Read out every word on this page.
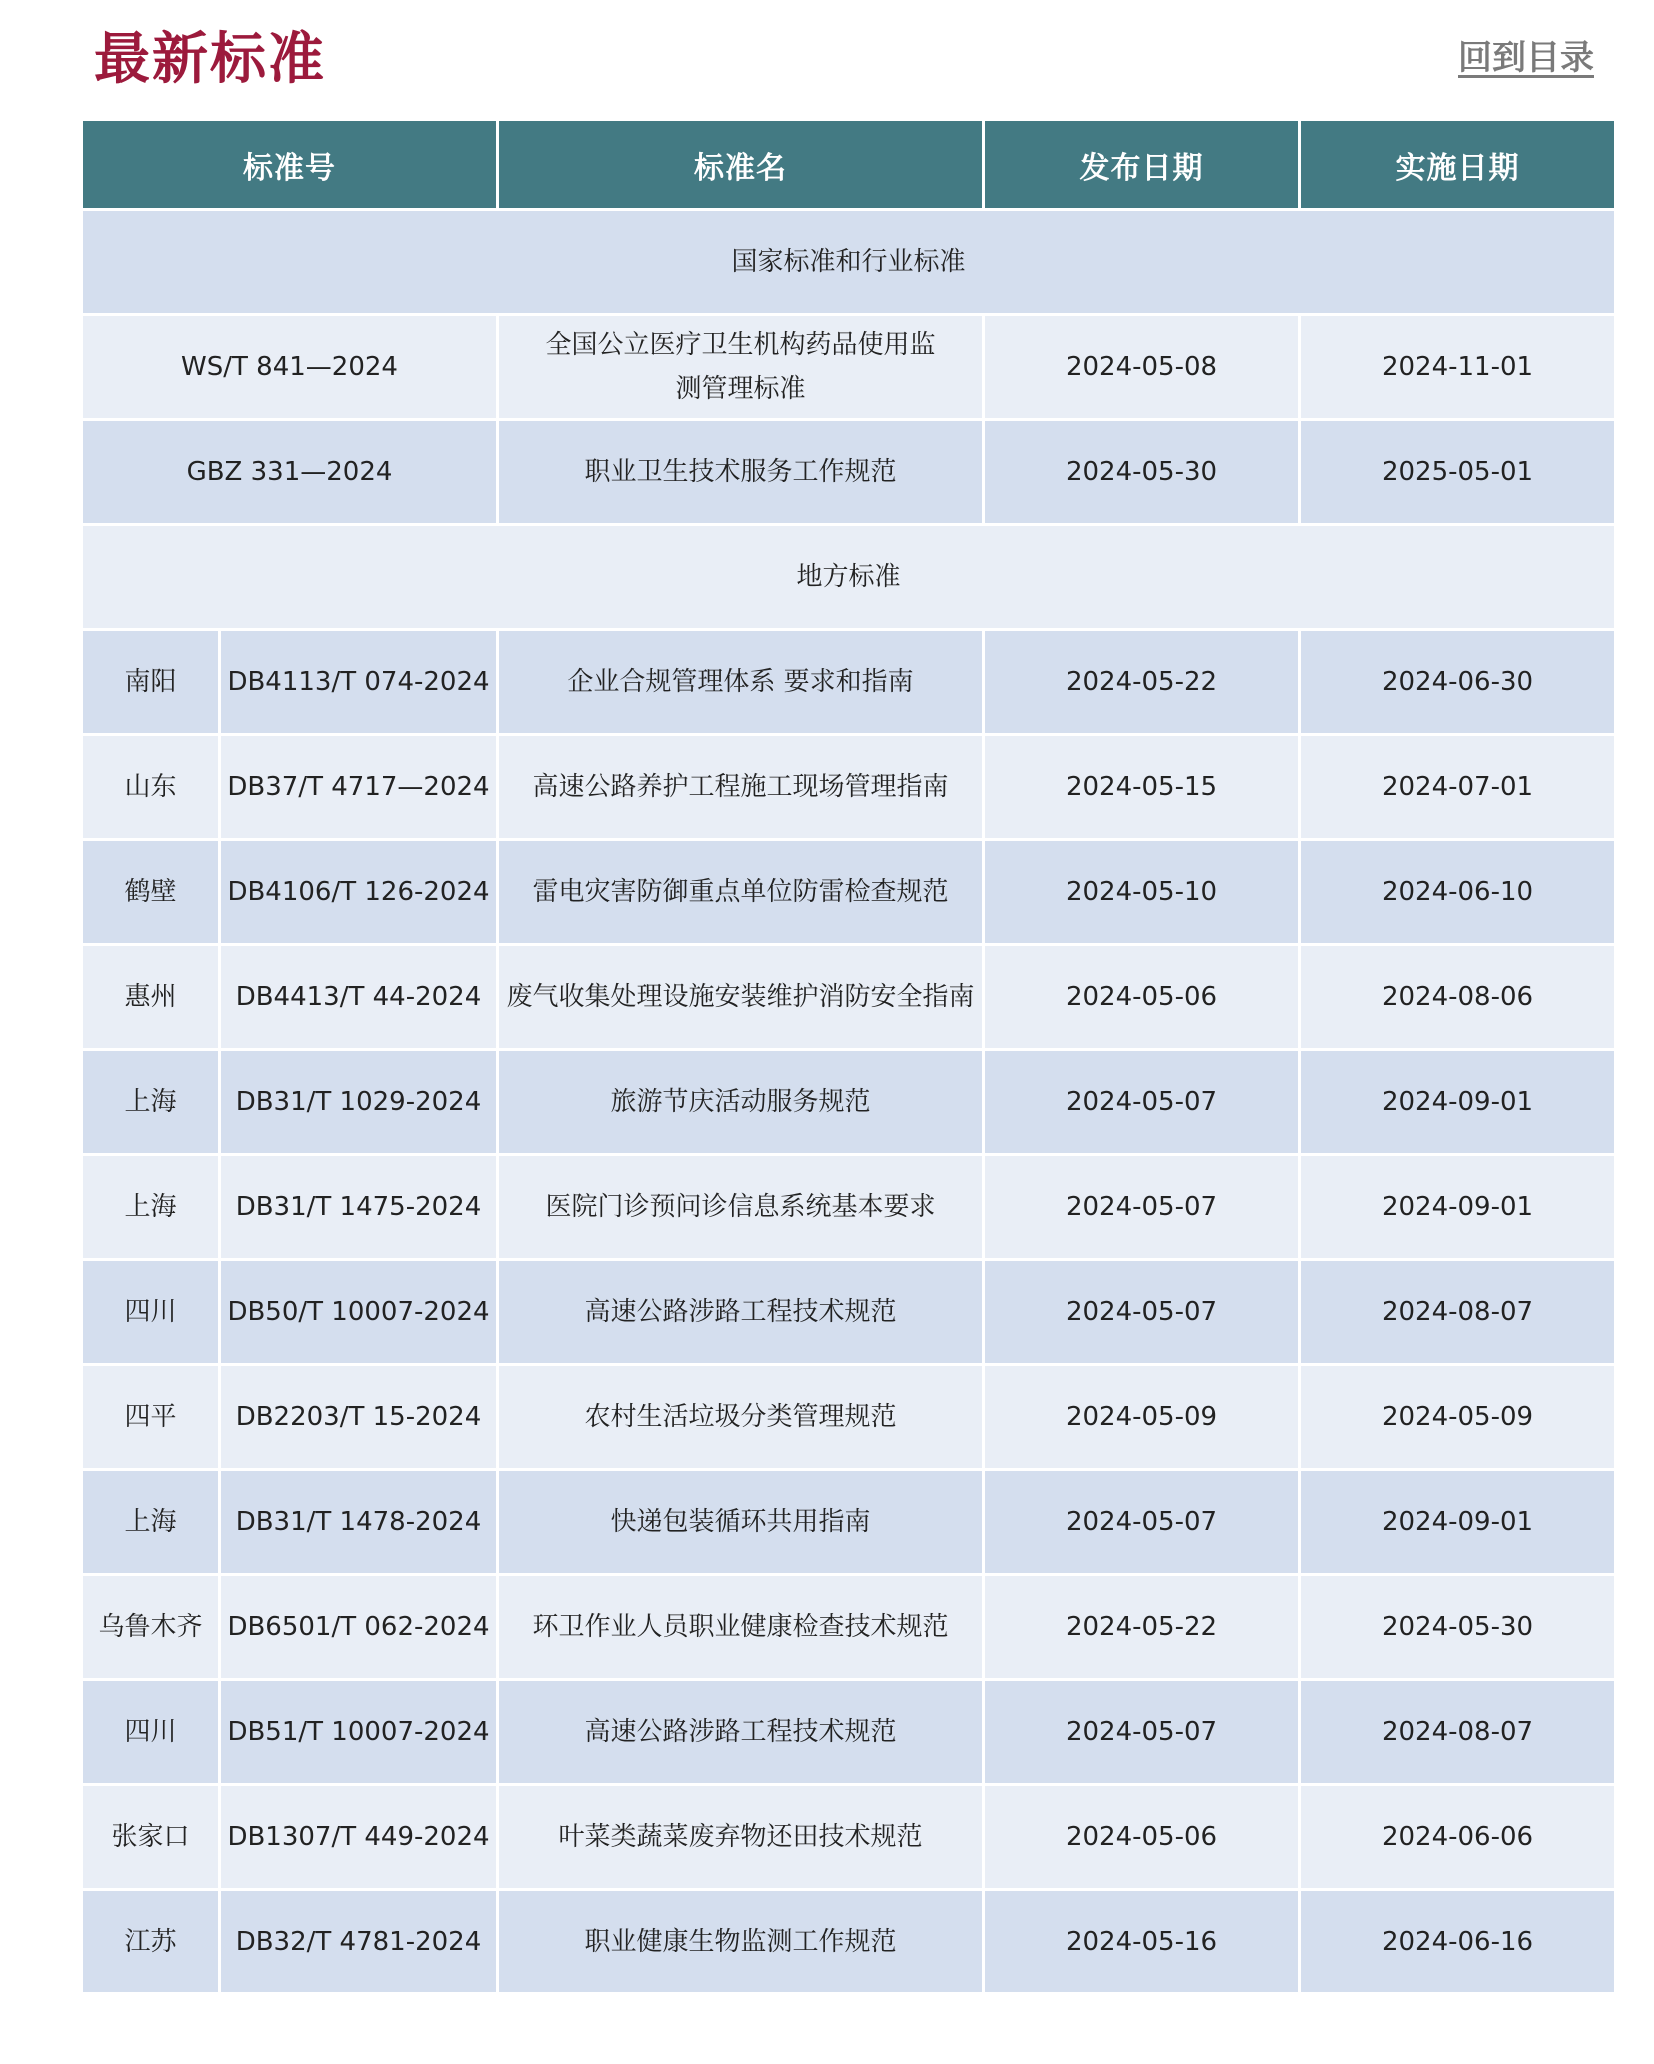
最新标准	回到目录
标准号		标准名	发布日期	实施日期
国家标准和行业标准				
WS/T 841—2024		全国公立医疗卫生机构药品使用监测管理标准	2024-05-08	2024-11-01
GBZ 331—2024		职业卫生技术服务工作规范	2024-05-30	2025-05-01
地方标准				
南阳	DB4113/T 074-2024	企业合规管理体系 要求和指南	2024-05-22	2024-06-30
山东	DB37/T 4717—2024	高速公路养护工程施工现场管理指南	2024-05-15	2024-07-01
鹤壁	DB4106/T 126-2024	雷电灾害防御重点单位防雷检查规范	2024-05-10	2024-06-10
惠州	DB4413/T 44-2024	废气收集处理设施安装维护消防安全指南	2024-05-06	2024-08-06
上海	DB31/T 1029-2024	旅游节庆活动服务规范	2024-05-07	2024-09-01
上海	DB31/T 1475-2024	医院门诊预问诊信息系统基本要求	2024-05-07	2024-09-01
四川	DB50/T 10007-2024	高速公路涉路工程技术规范	2024-05-07	2024-08-07
四平	DB2203/T 15-2024	农村生活垃圾分类管理规范	2024-05-09	2024-05-09
上海	DB31/T 1478-2024	快递包装循环共用指南	2024-05-07	2024-09-01
乌鲁木齐	DB6501/T 062-2024	环卫作业人员职业健康检查技术规范	2024-05-22	2024-05-30
四川	DB51/T 10007-2024	高速公路涉路工程技术规范	2024-05-07	2024-08-07
张家口	DB1307/T 449-2024	叶菜类蔬菜废弃物还田技术规范	2024-05-06	2024-06-06
江苏	DB32/T 4781-2024	职业健康生物监测工作规范	2024-05-16	2024-06-16
